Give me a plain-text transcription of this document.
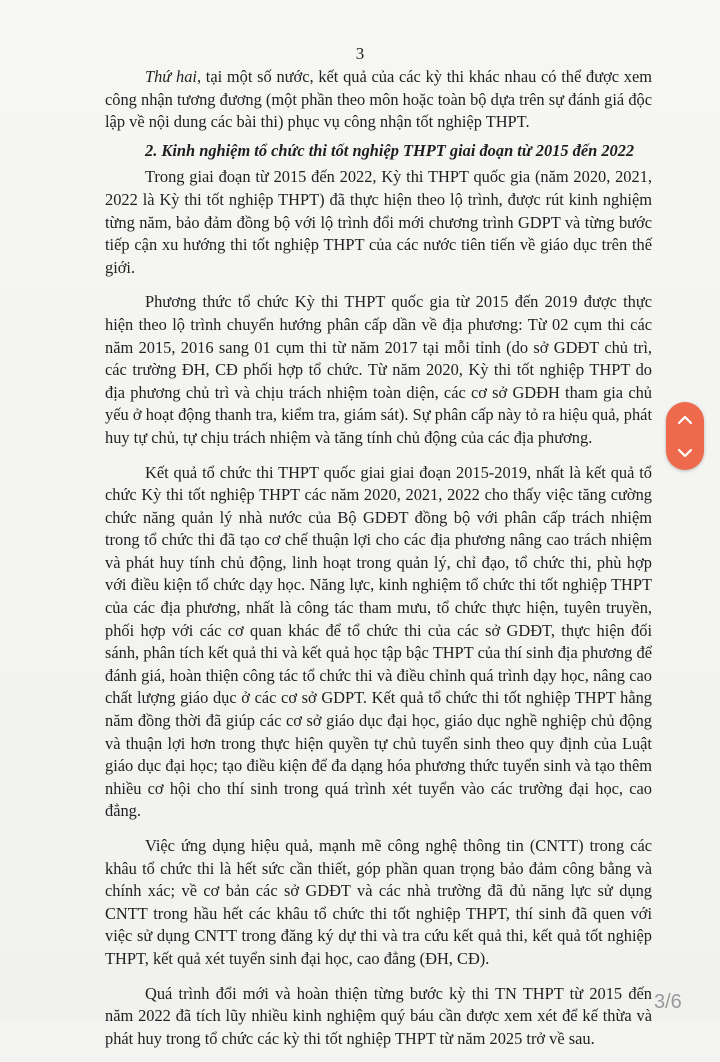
3

Thứ hai, tại một số nước, kết quả của các kỳ thi khác nhau có thể được xem công nhận tương đương (một phần theo môn hoặc toàn bộ dựa trên sự đánh giá độc lập về nội dung các bài thi) phục vụ công nhận tốt nghiệp THPT.

2. Kinh nghiệm tổ chức thi tốt nghiệp THPT giai đoạn từ 2015 đến 2022

Trong giai đoạn từ 2015 đến 2022, Kỳ thi THPT quốc gia (năm 2020, 2021, 2022 là Kỳ thi tốt nghiệp THPT) đã thực hiện theo lộ trình, được rút kinh nghiệm từng năm, bảo đảm đồng bộ với lộ trình đổi mới chương trình GDPT và từng bước tiếp cận xu hướng thi tốt nghiệp THPT của các nước tiên tiến về giáo dục trên thế giới.

Phương thức tổ chức Kỳ thi THPT quốc gia từ 2015 đến 2019 được thực hiện theo lộ trình chuyển hướng phân cấp dần về địa phương: Từ 02 cụm thi các năm 2015, 2016 sang 01 cụm thi từ năm 2017 tại mỗi tỉnh (do sở GDĐT chủ trì, các trường ĐH, CĐ phối hợp tổ chức. Từ năm 2020, Kỳ thi tốt nghiệp THPT do địa phương chủ trì và chịu trách nhiệm toàn diện, các cơ sở GDĐH tham gia chủ yếu ở hoạt động thanh tra, kiểm tra, giám sát). Sự phân cấp này tỏ ra hiệu quả, phát huy tự chủ, tự chịu trách nhiệm và tăng tính chủ động của các địa phương.

Kết quả tổ chức thi THPT quốc giai giai đoạn 2015-2019, nhất là kết quả tổ chức Kỳ thi tốt nghiệp THPT các năm 2020, 2021, 2022 cho thấy việc tăng cường chức năng quản lý nhà nước của Bộ GDĐT đồng bộ với phân cấp trách nhiệm trong tổ chức thi đã tạo cơ chế thuận lợi cho các địa phương nâng cao trách nhiệm và phát huy tính chủ động, linh hoạt trong quản lý, chỉ đạo, tổ chức thi, phù hợp với điều kiện tổ chức dạy học. Năng lực, kinh nghiệm tổ chức thi tốt nghiệp THPT của các địa phương, nhất là công tác tham mưu, tổ chức thực hiện, tuyên truyền, phối hợp với các cơ quan khác để tổ chức thi của các sở GDĐT, thực hiện đối sánh, phân tích kết quả thi và kết quả học tập bậc THPT của thí sinh địa phương để đánh giá, hoàn thiện công tác tổ chức thi và điều chỉnh quá trình dạy học, nâng cao chất lượng giáo dục ở các cơ sở GDPT. Kết quả tổ chức thi tốt nghiệp THPT hằng năm đồng thời đã giúp các cơ sở giáo dục đại học, giáo dục nghề nghiệp chủ động và thuận lợi hơn trong thực hiện quyền tự chủ tuyển sinh theo quy định của Luật giáo dục đại học; tạo điều kiện để đa dạng hóa phương thức tuyển sinh và tạo thêm nhiều cơ hội cho thí sinh trong quá trình xét tuyển vào các trường đại học, cao đẳng.

Việc ứng dụng hiệu quả, mạnh mẽ công nghệ thông tin (CNTT) trong các khâu tổ chức thi là hết sức cần thiết, góp phần quan trọng bảo đảm công bằng và chính xác; về cơ bản các sở GDĐT và các nhà trường đã đủ năng lực sử dụng CNTT trong hầu hết các khâu tổ chức thi tốt nghiệp THPT, thí sinh đã quen với việc sử dụng CNTT trong đăng ký dự thi và tra cứu kết quả thi, kết quả tốt nghiệp THPT, kết quả xét tuyển sinh đại học, cao đẳng (ĐH, CĐ).

Quá trình đổi mới và hoàn thiện từng bước kỳ thi TN THPT từ 2015 đến năm 2022 đã tích lũy nhiều kinh nghiệm quý báu cần được xem xét để kế thừa và phát huy trong tổ chức các kỳ thi tốt nghiệp THPT từ năm 2025 trở về sau.

3/6
